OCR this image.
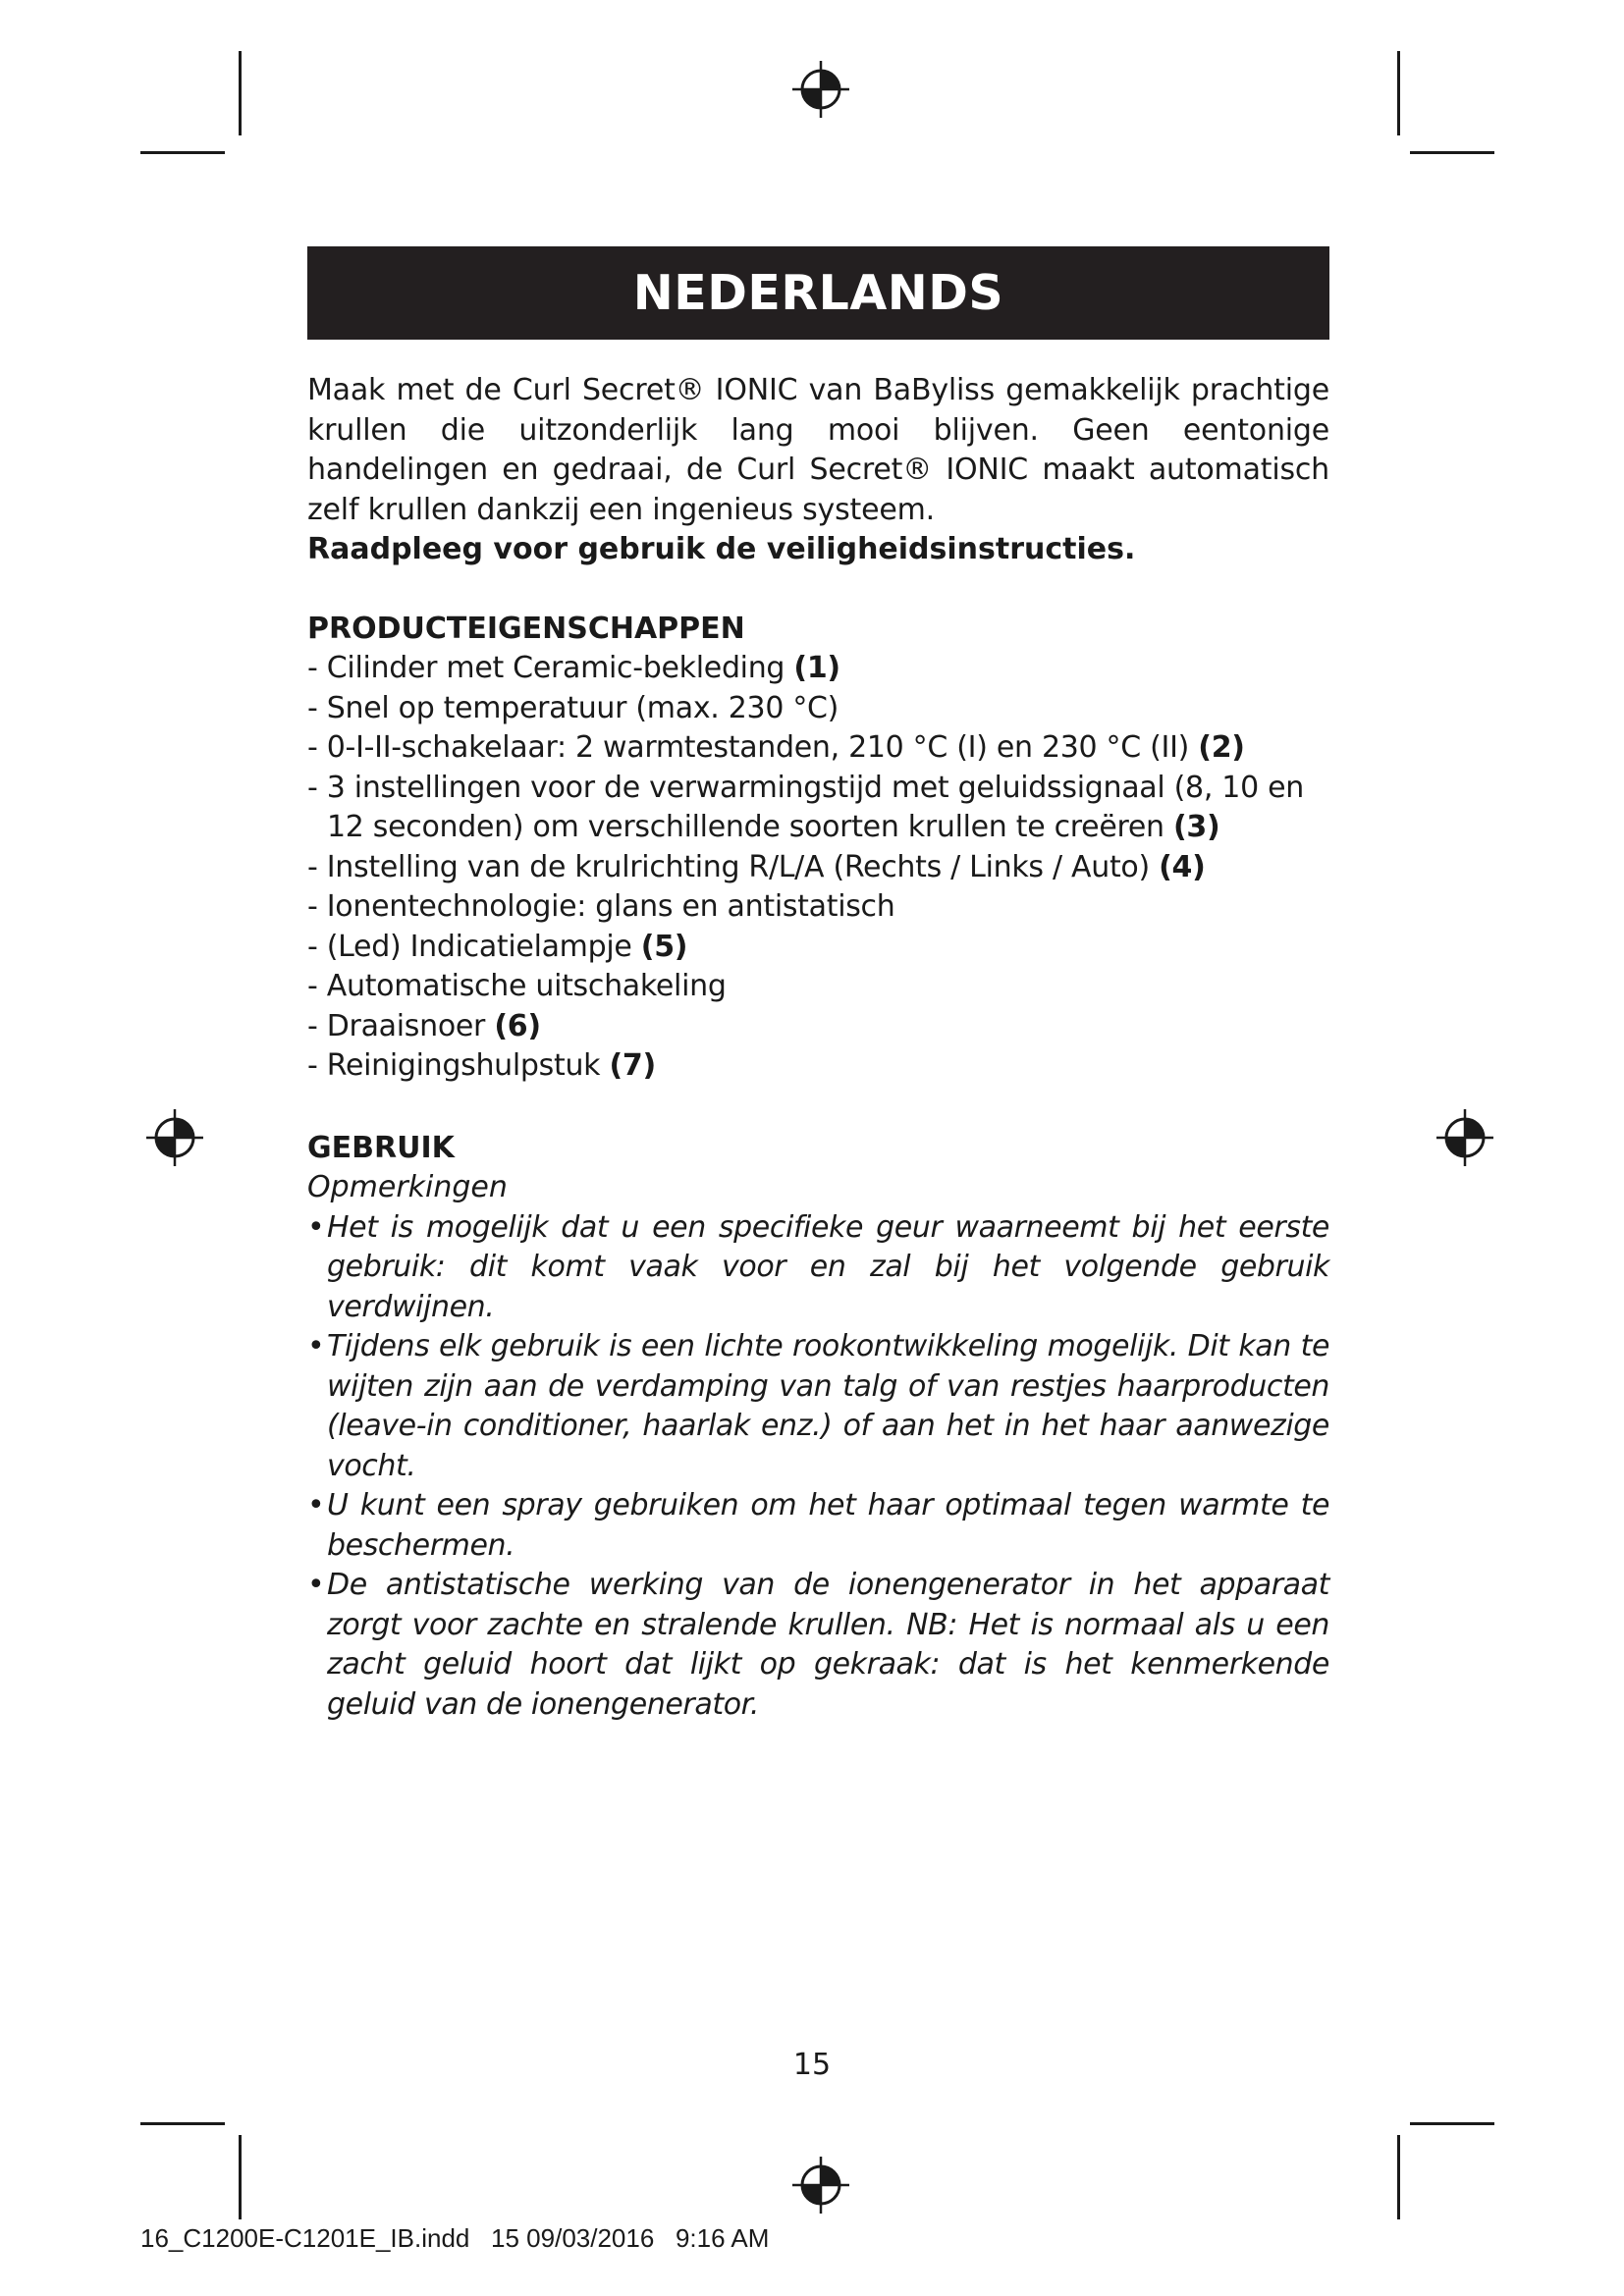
NEDERLANDS

Maak met de Curl Secret® IONIC van BaByliss gemakkelijk prachtige krullen die uitzonderlijk lang mooi blijven. Geen eentonige handelingen en gedraai, de Curl Secret® IONIC maakt automatisch zelf krullen dankzij een ingenieus systeem.

Raadpleeg voor gebruik de veiligheidsinstructies.

PRODUCTEIGENSCHAPPEN
- Cilinder met Ceramic-bekleding (1)
- Snel op temperatuur (max. 230 °C)
- 0-I-II-schakelaar: 2 warmtestanden, 210 °C (I) en 230 °C (II) (2)
- 3 instellingen voor de verwarmingstijd met geluidssignaal (8, 10 en 12 seconden) om verschillende soorten krullen te creëren (3)
- Instelling van de krulrichting R/L/A (Rechts / Links / Auto) (4)
- Ionentechnologie: glans en antistatisch
- (Led) Indicatielampje (5)
- Automatische uitschakeling
- Draaisnoer (6)
- Reinigingshulpstuk (7)
GEBRUIK

Opmerkingen

• Het is mogelijk dat u een specifieke geur waarneemt bij het eerste gebruik: dit komt vaak voor en zal bij het volgende gebruik verdwijnen.
• Tijdens elk gebruik is een lichte rookontwikkeling mogelijk. Dit kan te wijten zijn aan de verdamping van talg of van restjes haarproducten (leave-in conditioner, haarlak enz.) of aan het in het haar aanwezige vocht.
• U kunt een spray gebruiken om het haar optimaal tegen warmte te beschermen.
• De antistatische werking van de ionengenerator in het apparaat zorgt voor zachte en stralende krullen. NB: Het is normaal als u een zacht geluid hoort dat lijkt op gekraak: dat is het kenmerkende geluid van de ionengenerator.
15
16_C1200E-C1201E_IB.indd   15 09/03/2016   9:16 AM
